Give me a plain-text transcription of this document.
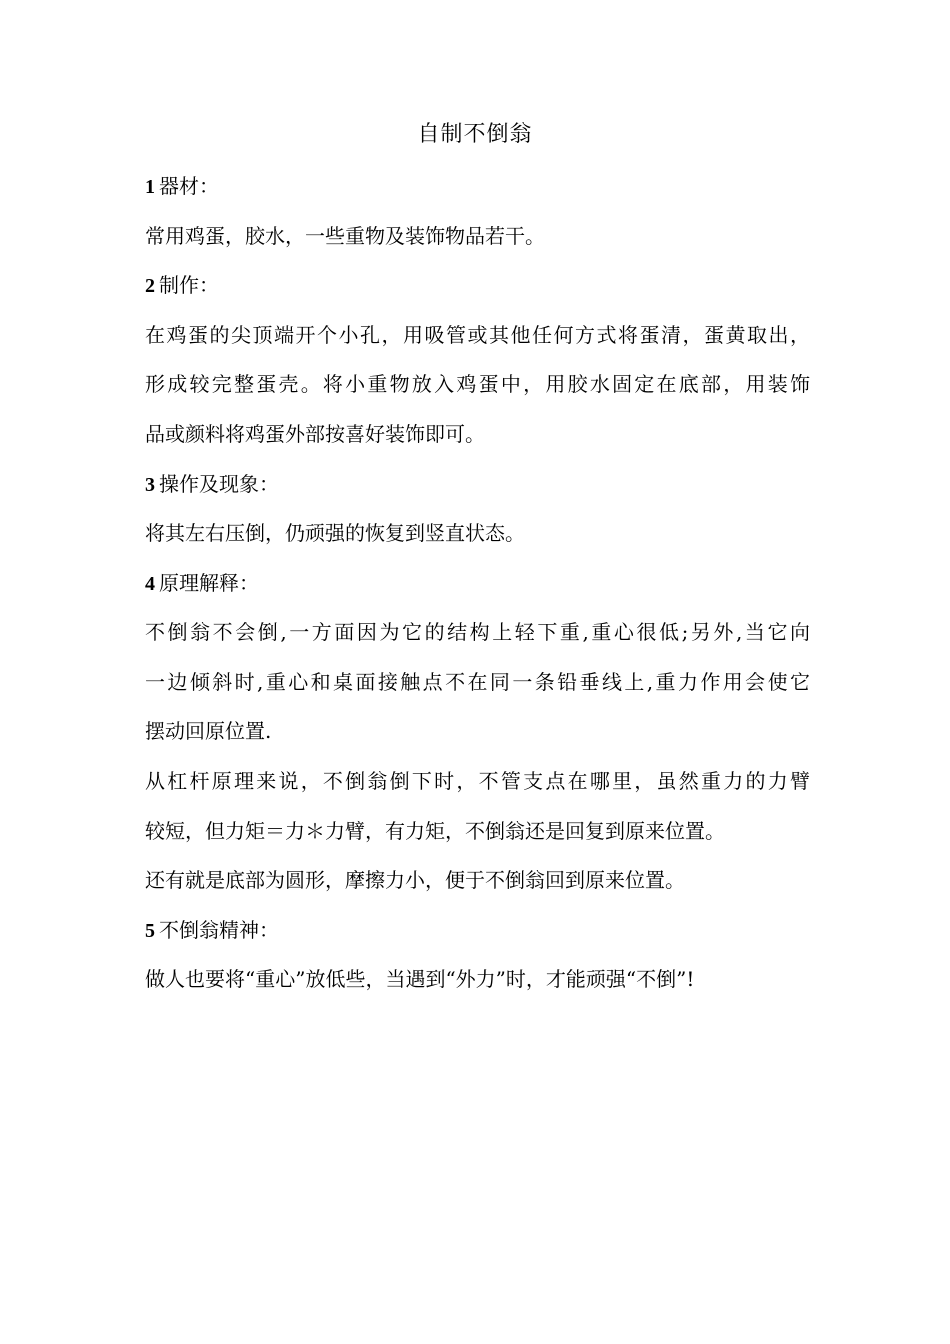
自制不倒翁
1 器材：
常用鸡蛋，胶水，一些重物及装饰物品若干。
2 制作：
在鸡蛋的尖顶端开个小孔，用吸管或其他任何方式将蛋清，蛋黄取出，
形成较完整蛋壳。将小重物放入鸡蛋中，用胶水固定在底部，用装饰
品或颜料将鸡蛋外部按喜好装饰即可。
3 操作及现象：
将其左右压倒，仍顽强的恢复到竖直状态。
4 原理解释：
不倒翁不会倒,一方面因为它的结构上轻下重,重心很低;另外,当它向
一边倾斜时,重心和桌面接触点不在同一条铅垂线上,重力作用会使它
摆动回原位置.
从杠杆原理来说，不倒翁倒下时，不管支点在哪里，虽然重力的力臂
较短，但力矩＝力＊力臂，有力矩，不倒翁还是回复到原来位置。
还有就是底部为圆形，摩擦力小，便于不倒翁回到原来位置。
5 不倒翁精神：
做人也要将“重心”放低些，当遇到“外力”时，才能顽强“不倒”!
